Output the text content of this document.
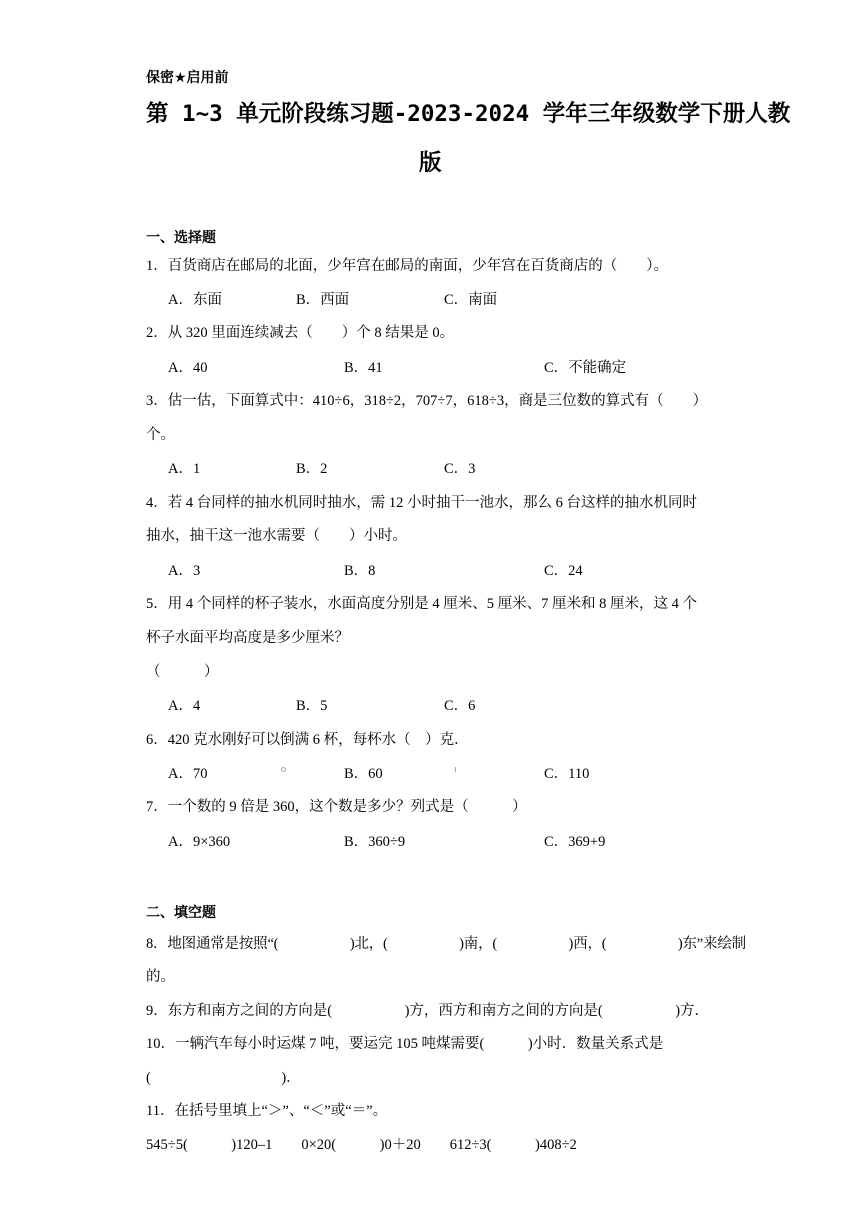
保密★启用前
第 1~3 单元阶段练习题-2023-2024 学年三年级数学下册人教
版
一、选择题
1．百货商店在邮局的北面，少年宫在邮局的南面，少年宫在百货商店的（　　）。
A．东面	B．西面	C．南面
2．从 320 里面连续减去（　　）个 8 结果是 0。
A．40	B．41	C．不能确定
3．估一估，下面算式中：410÷6，318÷2，707÷7，618÷3，商是三位数的算式有（　　）
个。
A．1	B．2	C．3
4．若 4 台同样的抽水机同时抽水，需 12 小时抽干一池水，那么 6 台这样的抽水机同时
抽水，抽干这一池水需要（　　）小时。
A．3	B．8	C．24
5．用 4 个同样的杯子装水，水面高度分别是 4 厘米、5 厘米、7 厘米和 8 厘米，这 4 个
杯子水面平均高度是多少厘米？
（　　　）
A．4	B．5	C．6
6．420 克水刚好可以倒满 6 杯，每杯水（　）克．
A．70	B．60	C．110
7．一个数的 9 倍是 360，这个数是多少？列式是（　　　）
A．9×360	B．360÷9	C．369+9
二、填空题
8．地图通常是按照“(　　　　　)北，(　　　　　)南，(　　　　　)西，(　　　　　)东”来绘制
的。
9．东方和南方之间的方向是(　　　　　)方，西方和南方之间的方向是(　　　　　)方．
10．一辆汽车每小时运煤 7 吨，要运完 105 吨煤需要(　　　)小时．数量关系式是
(　　　　　　　　　)．
11．在括号里填上“＞”、“＜”或“＝”。
545÷5(　　　)120–1　　0×20(　　　)0＋20　　612÷3(　　　)408÷2
